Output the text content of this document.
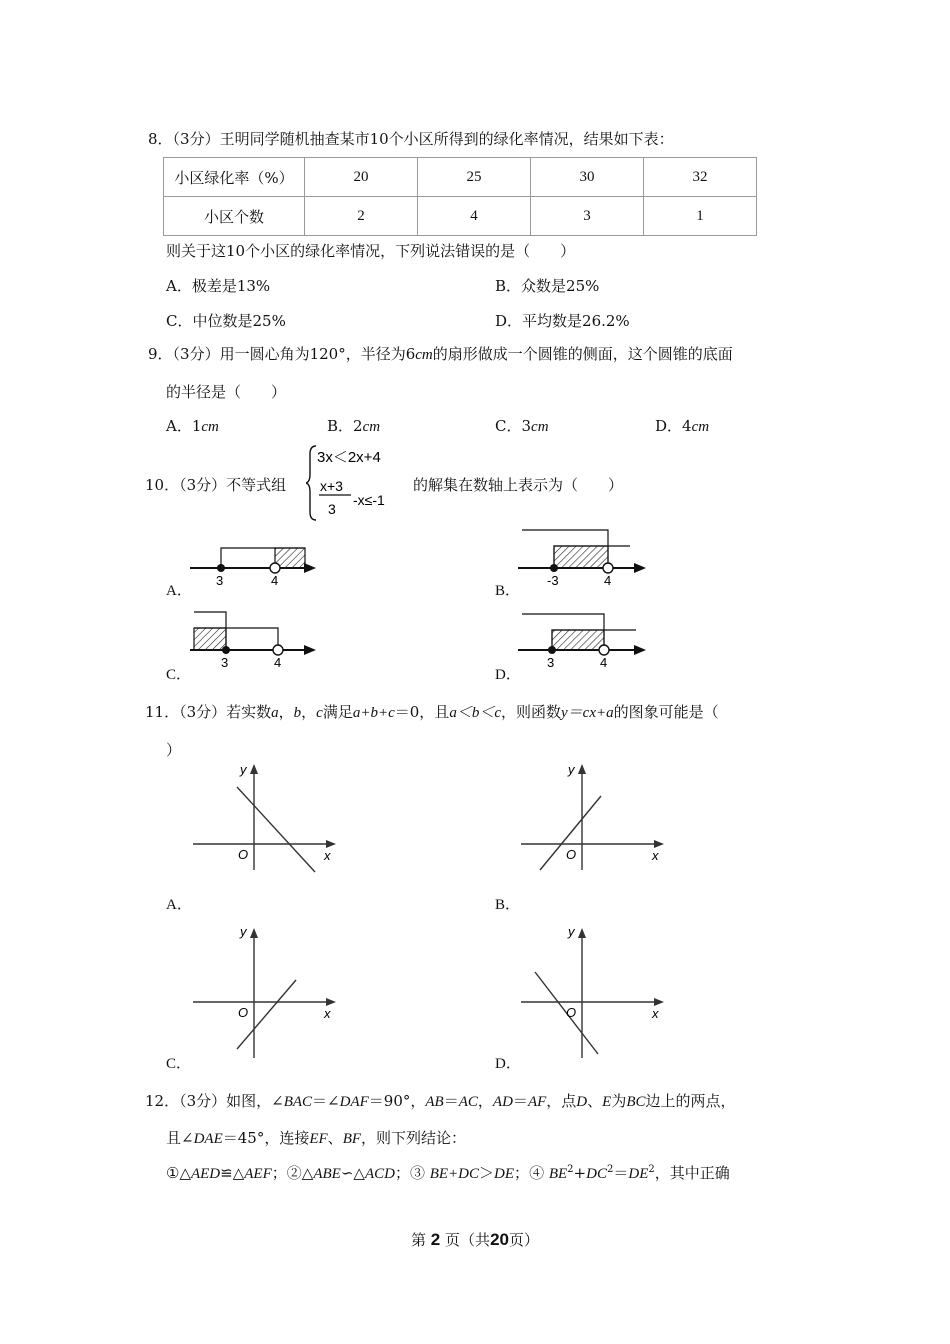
8．（3分）王明同学随机抽查某市10个小区所得到的绿化率情况，结果如下表：
小区绿化率（%）	20	25	30	32
小区个数	2	4	3	1
则关于这10个小区的绿化率情况，下列说法错误的是（　　）
A．极差是13%	B．众数是25%
C．中位数是25%	D．平均数是26.2%
9．（3分）用一圆心角为120°，半径为6cm的扇形做成一个圆锥的侧面，这个圆锥的底面
的半径是（　　）
A．1cm	B．2cm	C．3cm	D．4cm
10．（3分）不等式组
3x＜2x+4
x+3
3
-x≤-1
的解集在数轴上表示为（　　）
A．
3	4
B．
-3	4
C．
3	4
D．
3	4
11．（3分）若实数a，b，c满足a+b+c＝0，且a＜b＜c，则函数y＝cx+a的图象可能是（
）
A．
y
O	x
B．
y
O	x
C．
y
O	x
D．
y
O	x
12．（3分）如图，∠BAC＝∠DAF＝90°，AB＝AC，AD＝AF，点D、E为BC边上的两点，
且∠DAE＝45°，连接EF、BF，则下列结论：
①△AED≌△AEF；②△ABE∽△ACD；③ BE+DC＞DE；④ $BE^2+DC^2=DE^2$，其中正确
第 2 页（共20页）
